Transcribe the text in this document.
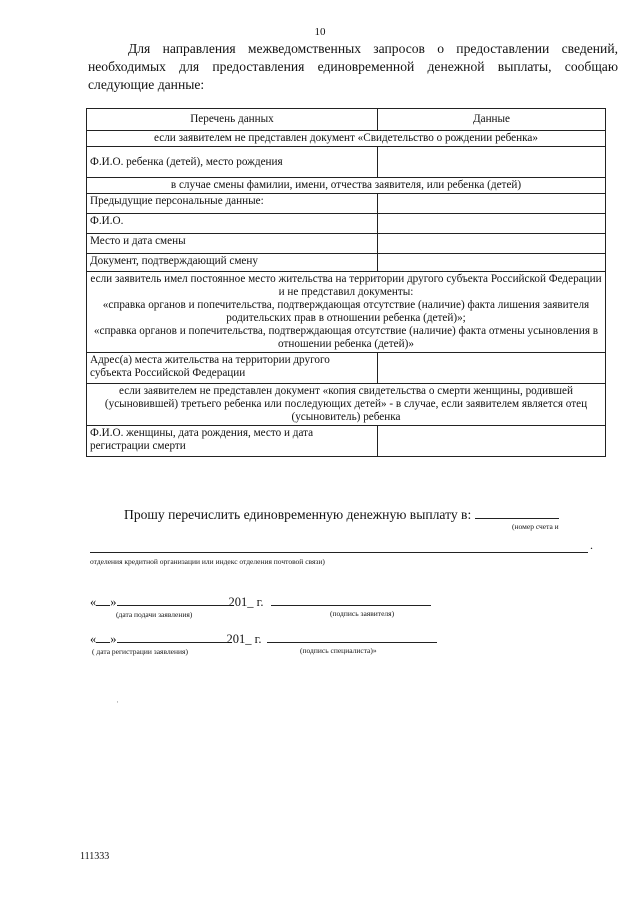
10

Для направления межведомственных запросов о предоставлении сведений, необходимых для предоставления единовременной денежной выплаты, сообщаю следующие данные:

Перечень данных	Данные
если заявителем не представлен документ «Свидетельство о рождении ребенка»	
Ф.И.О. ребенка (детей), место рождения	
в случае смены фамилии, имени, отчества заявителя, или ребенка (детей)	
Предыдущие персональные данные:	
Ф.И.О.	
Место и дата смены	
Документ, подтверждающий смену	

если заявитель имел постоянное место жительства на территории другого субъекта Российской Федерации и не представил документы:
«справка органов и попечительства, подтверждающая отсутствие (наличие) факта лишения заявителя родительских прав в отношении ребенка (детей)»;
«справка органов и попечительства, подтверждающая отсутствие (наличие) факта отмены усыновления в отношении ребенка (детей)»	

Адрес(а) места жительства на территории другого субъекта Российской Федерации	
если заявителем не представлен документ «копия свидетельства о смерти женщины, родившей (усыновившей) третьего ребенка или последующих детей» - в случае, если заявителем является отец (усыновитель) ребенка	
Ф.И.О. женщины, дата рождения, место и дата регистрации смерти	
Прошу перечислить единовременную денежную выплату в:
(номер счета и
.
отделения кредитной организации или индекс отделения почтовой связи)
« »	201_ г.
(дата подачи заявления)	(подпись заявителя)
« »	201_ г.
( дата регистрации заявления)	(подпись специалиста)»
·
111333
